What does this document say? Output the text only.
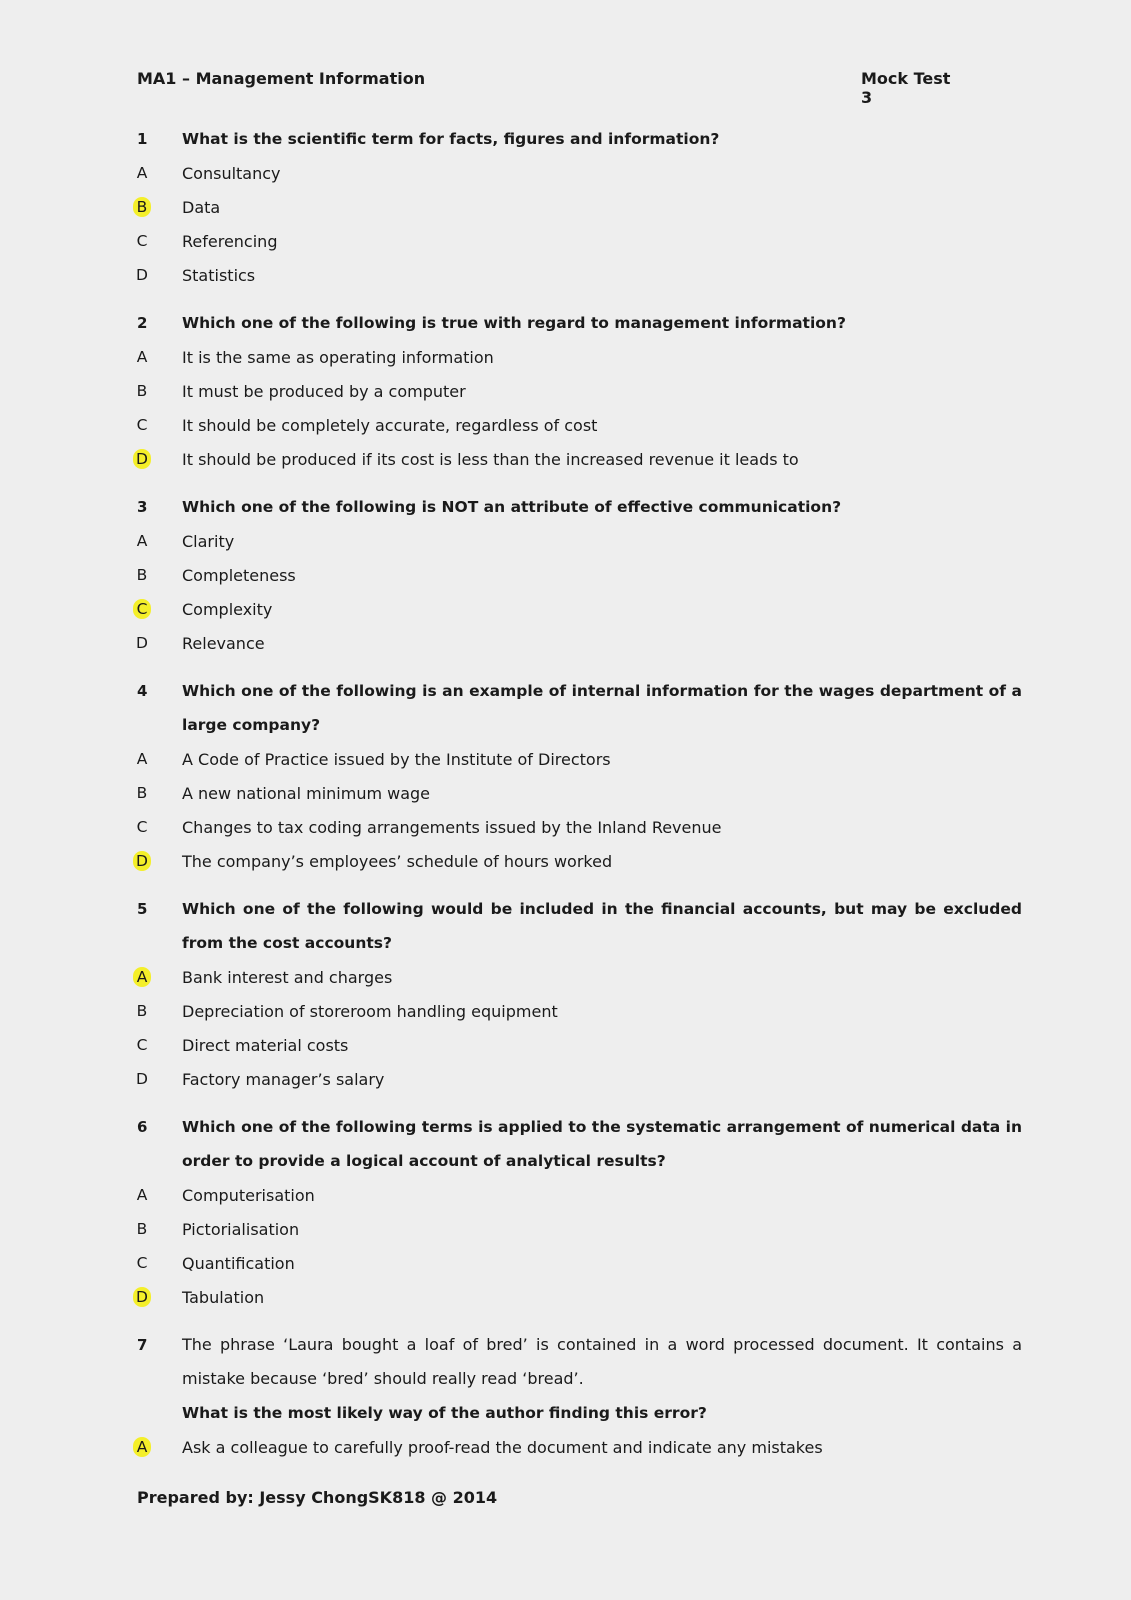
MA1 – Management Information	Mock Test 3
1	What is the scientific term for facts, figures and information?
A	Consultancy
B	Data
C	Referencing
D	Statistics
2	Which one of the following is true with regard to management information?
A	It is the same as operating information
B	It must be produced by a computer
C	It should be completely accurate, regardless of cost
D	It should be produced if its cost is less than the increased revenue it leads to
3	Which one of the following is NOT an attribute of effective communication?
A	Clarity
B	Completeness
C	Complexity
D	Relevance
4	Which one of the following is an example of internal information for the wages department of a large company?
A	A Code of Practice issued by the Institute of Directors
B	A new national minimum wage
C	Changes to tax coding arrangements issued by the Inland Revenue
D	The company’s employees’ schedule of hours worked
5	Which one of the following would be included in the financial accounts, but may be excluded from the cost accounts?
A	Bank interest and charges
B	Depreciation of storeroom handling equipment
C	Direct material costs
D	Factory manager’s salary
6	Which one of the following terms is applied to the systematic arrangement of numerical data in order to provide a logical account of analytical results?
A	Computerisation
B	Pictorialisation
C	Quantification
D	Tabulation
7	The phrase ‘Laura bought a loaf of bred’ is contained in a word processed document. It contains a mistake because ‘bred’ should really read ‘bread’.
What is the most likely way of the author finding this error?
A	Ask a colleague to carefully proof-read the document and indicate any mistakes
Prepared by: Jessy ChongSK818 @ 2014
